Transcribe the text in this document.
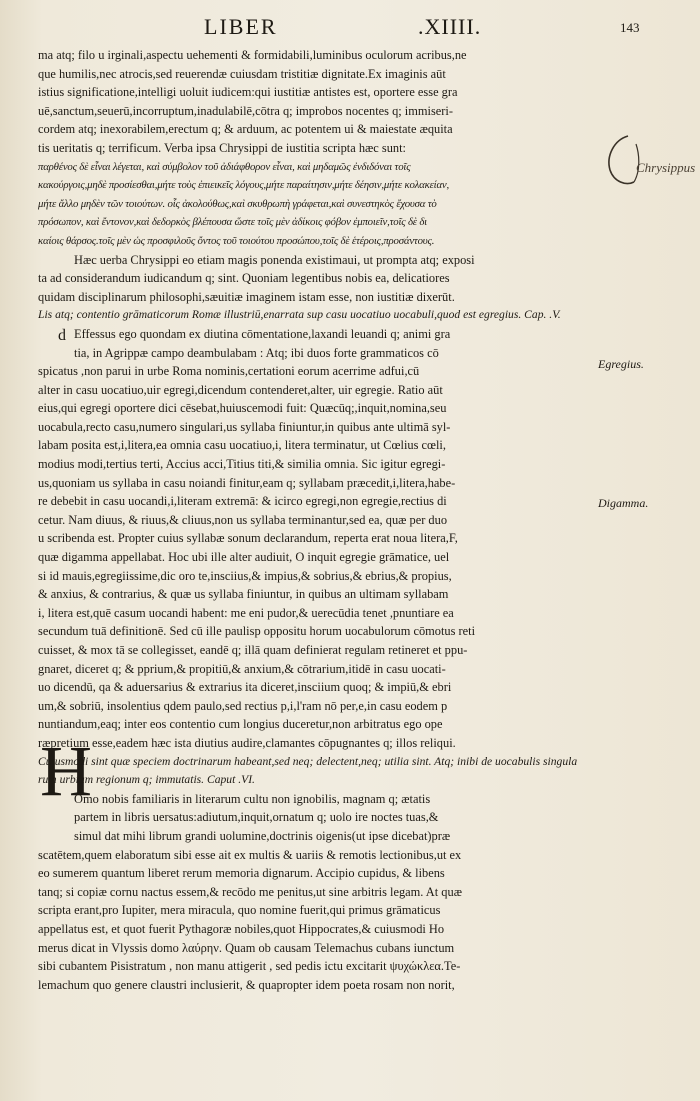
LIBER	.XIIII.	143
Chrysippus
d
H
Egregius.
Digamma.
ma atq; filo u irginali,aspectu uehementi & formidabili,luminibus oculorum acribus,ne
que humilis,nec atrocis,sed reuerendæ cuiusdam tristitiæ dignitate.Ex imaginis aūt
istius significatione,intelligi uoluit iudicem:qui iustitiæ antistes est, oportere esse gra
uē,sanctum,seuerū,incorruptum,inadulabilē,cōtra q; improbos nocentes q; immiseri-
cordem atq; inexorabilem,erectum q; & arduum, ac potentem ui & maiestate æquita
tis ueritatis q; terrificum. Verba ipsa Chrysippi de iustitia scripta hæc sunt:
παρθένος δὲ εἶναι λέγεται, καὶ σύμβολον τοῦ ἀδιάφθορον εἶναι, καὶ μηδαμῶς ἐνδιδόναι τοῖς
κακούργοις,μηδὲ προσίεσθαι,μήτε τοὺς ἐπιεικεῖς λόγους,μήτε παραίτησιν,μήτε δέησιν,μήτε κολακείαν,
μήτε ἄλλο μηδὲν τῶν τοιούτων. οἷς ἀκολούθως,καὶ σκυθρωπὴ γράφεται,καὶ συνεστηκὸς ἔχουσα τὸ
πρόσωπον, καὶ ἔντονον,καὶ δεδορκὸς βλέπουσα ὥστε τοῖς μὲν ἀδίκοις φόβον ἐμποιεῖν,τοῖς δὲ δι
καίοις θάρσος.τοῖς μὲν ὡς προσφιλοῦς ὄντος τοῦ τοιούτου προσώπου,τοῖς δὲ ἑτέροις,προσάντους.
Hæc uerba Chrysippi eo etiam magis ponenda existimaui, ut prompta atq; exposi
ta ad considerandum iudicandum q; sint. Quoniam legentibus nobis ea, delicatiores
quidam disciplinarum philosophi,sæuitiæ imaginem istam esse, non iustitiæ dixerūt.
Lis atq; contentio grāmaticorum Romæ illustriū,enarrata sup casu uocatiuo uocabuli,quod est egregius. Cap. .V.
Effessus ego quondam ex diutina cōmentatione,laxandi leuandi q; animi gra
tia, in Agrippæ campo deambulabam : Atq; ibi duos forte grammaticos cō
spicatus ,non parui in urbe Roma nominis,certationi eorum acerrime adfui,cū
alter in casu uocatiuo,uir egregi,dicendum contenderet,alter, uir egregie. Ratio aūt
eius,qui egregi oportere dici cēsebat,huiuscemodi fuit: Quæcūq;,inquit,nomina,seu
uocabula,recto casu,numero singulari,us syllaba finiuntur,in quibus ante ultimā syl-
labam posita est,i,litera,ea omnia casu uocatiuo,i, litera terminatur, ut Cœlius cœli,
modius modi,tertius terti, Accius acci,Titius titi,& similia omnia. Sic igitur egregi-
us,quoniam us syllaba in casu noiandi finitur,eam q; syllabam præcedit,i,litera,habe-
re debebit in casu uocandi,i,literam extremā: & icirco egregi,non egregie,rectius di
cetur. Nam diuus, & riuus,& cliuus,non us syllaba terminantur,sed ea, quæ per duo
u scribenda est. Propter cuius syllabæ sonum declarandum, reperta erat noua litera,F,
quæ digamma appellabat. Hoc ubi ille alter audiuit, O inquit egregie grāmatice, uel
si id mauis,egregiissime,dic oro te,insciius,& impius,& sobrius,& ebrius,& propius,
& anxius, & contrarius, & quæ us syllaba finiuntur, in quibus an ultimam syllabam
i, litera est,quē casum uocandi habent: me eni pudor,& uerecūdia tenet ,pnuntiare ea
secundum tuā definitionē. Sed cū ille paulisp oppositu horum uocabulorum cōmotus reti
cuisset, & mox tā se collegisset, eandē q; illā quam definierat regulam retineret et ppu-
gnaret, diceret q; & pprium,& propitiū,& anxium,& cōtrarium,itidē in casu uocati-
uo dicendū, qa & aduersarius & extrarius ita diceret,insciium quoq; & impiū,& ebri
um,& sobriū, insolentius qdem paulo,sed rectius p,i,l'ram nō per,e,in casu eodem p
nuntiandum,eaq; inter eos contentio cum longius duceretur,non arbitratus ego ope
ræpretium esse,eadem hæc ista diutius audire,clamantes cōpugnantes q; illos reliqui.
Cuiusmodi sint quæ speciem doctrinarum habeant,sed neq; delectent,neq; utilia sint. Atq; inibi de uocabulis singula
rum urbium regionum q; immutatis. Caput .VI.
Omo nobis familiaris in literarum cultu non ignobilis, magnam q; ætatis
partem in libris uersatus:adiutum,inquit,ornatum q; uolo ire noctes tuas,&
simul dat mihi librum grandi uolumine,doctrinis oigenis(ut ipse dicebat)præ
scatētem,quem elaboratum sibi esse ait ex multis & uariis & remotis lectionibus,ut ex
eo sumerem quantum liberet rerum memoria dignarum. Accipio cupidus, & libens
tanq; si copiæ cornu nactus essem,& recōdo me penitus,ut sine arbitris legam. At quæ
scripta erant,pro Iupiter, mera miracula, quo nomine fuerit,qui primus grāmaticus
appellatus est, et quot fuerit Pythagoræ nobiles,quot Hippocrates,& cuiusmodi Ho
merus dicat in Vlyssis domo λαύρην. Quam ob causam Telemachus cubans iunctum
sibi cubantem Pisistratum , non manu attigerit , sed pedis ictu excitarit ψυχώκλεα.Te-
lemachum quo genere claustri inclusierit, & quapropter idem poeta rosam non norit,
